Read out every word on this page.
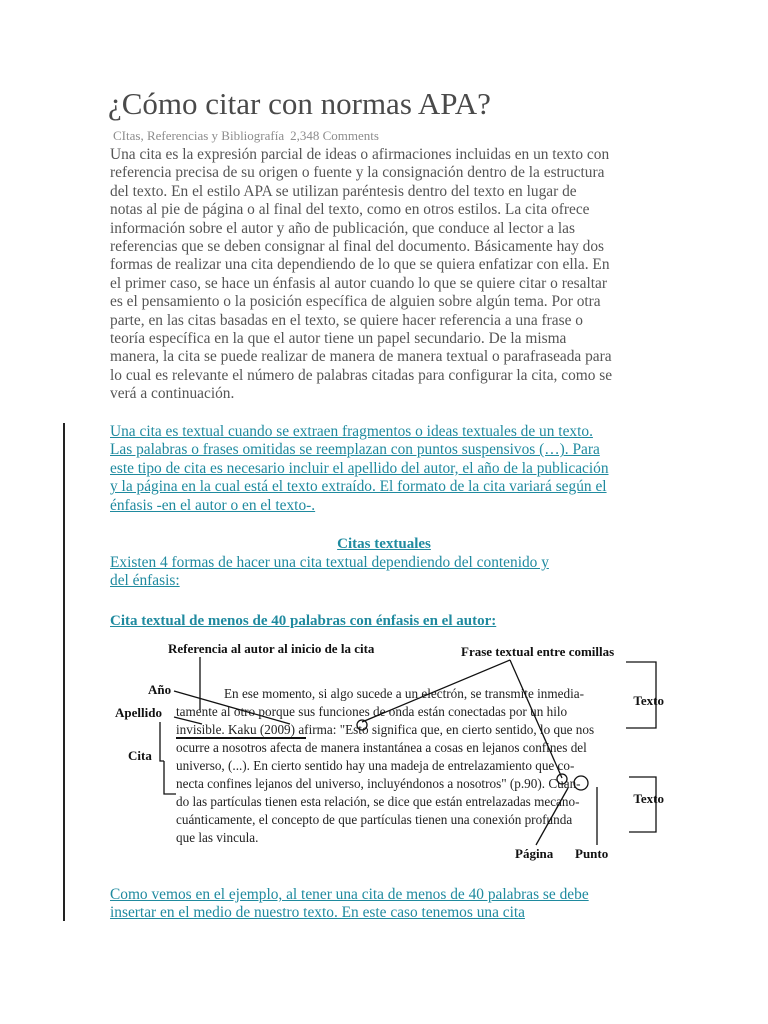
¿Cómo citar con normas APA?
CItas, Referencias y Bibliografía 2,348 Comments
Una cita es la expresión parcial de ideas o afirmaciones incluidas en un texto con
referencia precisa de su origen o fuente y la consignación dentro de la estructura
del texto. En el estilo APA se utilizan paréntesis dentro del texto en lugar de
notas al pie de página o al final del texto, como en otros estilos. La cita ofrece
información sobre el autor y año de publicación, que conduce al lector a las
referencias que se deben consignar al final del documento. Básicamente hay dos
formas de realizar una cita dependiendo de lo que se quiera enfatizar con ella. En
el primer caso, se hace un énfasis al autor cuando lo que se quiere citar o resaltar
es el pensamiento o la posición específica de alguien sobre algún tema. Por otra
parte, en las citas basadas en el texto, se quiere hacer referencia a una frase o
teoría específica en la que el autor tiene un papel secundario. De la misma
manera, la cita se puede realizar de manera de manera textual o parafraseada para
lo cual es relevante el número de palabras citadas para configurar la cita, como se
verá a continuación.
Una cita es textual cuando se extraen fragmentos o ideas textuales de un texto.
Las palabras o frases omitidas se reemplazan con puntos suspensivos (…). Para
este tipo de cita es necesario incluir el apellido del autor, el año de la publicación
y la página en la cual está el texto extraído. El formato de la cita variará según el
énfasis -en el autor o en el texto-.
Citas textuales
Existen 4 formas de hacer una cita textual dependiendo del contenido y
del énfasis:
Cita textual de menos de 40 palabras con énfasis en el autor:
Referencia al autor al inicio de la cita	Frase textual entre comillas
Año
Apellido
Cita
Texto
Texto
Página Punto
En ese momento, si algo sucede a un electrón, se transmite inmedia-
tamente al otro porque sus funciones de onda están conectadas por un hilo
invisible. Kaku (2009) afirma: "Esto significa que, en cierto sentido, lo que nos
ocurre a nosotros afecta de manera instantánea a cosas en lejanos confines del
universo, (...). En cierto sentido hay una madeja de entrelazamiento que co-
necta confines lejanos del universo, incluyéndonos a nosotros" (p.90). Cuan-
do las partículas tienen esta relación, se dice que están entrelazadas mecano-
cuánticamente, el concepto de que partículas tienen una conexión profunda
que las vincula.
Como vemos en el ejemplo, al tener una cita de menos de 40 palabras se debe
insertar en el medio de nuestro texto. En este caso tenemos una cita
